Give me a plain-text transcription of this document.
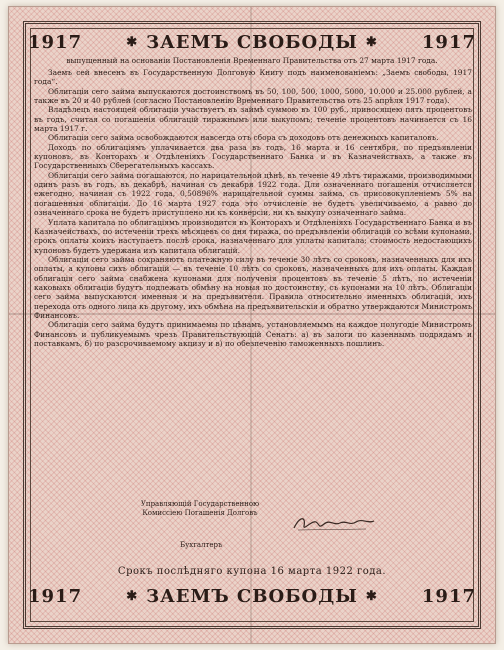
1917	✱ ЗАЕМЪ СВОБОДЫ ✱ 1917
выпущенный на основаніи Постановленія Временнаго Правительства отъ 27 марта 1917 года.

Заемъ сей внесенъ въ Государственную Долговую Книгу подъ наименованіемъ: „Заемъ свободы, 1917 года“.

Облигаціи сего займа выпускаются достоинствомъ въ 50, 100, 500, 1000, 5000, 10.000 и 25.000 рублей, а также въ 20 и 40 рублей (согласно Постановленію Временнаго Правительства отъ 25 апрѣля 1917 года).

Владѣлецъ настоящей облигаціи участвуетъ въ займѣ суммою въ 100 руб., приносящею пять процентовъ въ годъ, считая со погашенія облигацій тиражнымъ или выкупомъ; теченіе процентовъ начинается съ 16 марта 1917 г.

Облигаціи сего займа освобождаются навсегда отъ сбора съ доходовъ отъ денежныхъ капиталовъ.

Доходъ по облигаціямъ уплачивается два раза въ годъ, 16 марта и 16 сентября, по предъявленіи купоновъ, въ Конторахъ и Отдѣленіяхъ Государственнаго Банка и въ Казначействахъ, а также въ Государственныхъ Сберегательныхъ кассахъ.

Облигаціи сего займа погашаются, по нарицательной цѣнѣ, въ теченіе 49 лѣтъ тиражами, производимыми одинъ разъ въ годъ, въ декабрѣ, начиная съ декабря 1922 года. Для означеннаго погашенія отчисляется ежегодно, начиная съ 1922 года, 0,50896% нарицательной суммы займа, съ присовокупленіемъ 5% на погашенныя облигаціи. До 16 марта 1927 года это отчисленіе не будетъ увеличиваемо, а равно до означеннаго срока не будетъ приступлено ни къ конверсіи, ни къ выкупу означеннаго займа.

Уплата капитала по облигаціямъ производится въ Конторахъ и Отдѣленіяхъ Государственнаго Банка и въ Казначействахъ, по истеченіи трехъ мѣсяцевъ со дня тиража, по предъявленіи облигацій со всѣми купонами, срокъ оплаты коихъ наступаетъ послѣ срока, назначеннаго для уплаты капитала; стоимость недостающихъ купоновъ будетъ удержана изъ капитала облигацій.

Облигаціи сего займа сохраняютъ платежную силу въ теченіе 30 лѣтъ со сроковъ, назначенныхъ для ихъ оплаты, а купоны сихъ облигацій — въ теченіе 10 лѣтъ со сроковъ, назначенныхъ для ихъ оплаты. Каждая облигація сего займа снабжена купонами для полученія процентовъ въ теченіе 5 лѣтъ, по истеченіи каковыхъ облигаціи будутъ подлежать обмѣну на новыя по достоинству, съ купонами на 10 лѣтъ. Облигаціи сего займа выпускаются именныя и на предъявителя. Правила относительно именныхъ облигацій, ихъ перехода отъ одного лица къ другому, ихъ обмѣна на предъявительскія и обратно утверждаются Министромъ Финансовъ.

Облигаціи сего займа будутъ принимаемы по цѣнамъ, установляемымъ на каждое полугодіе Министромъ Финансовъ и публикуемымъ чрезъ Правительствующій Сенатъ: а) въ залоги по казеннымъ подрядамъ и поставкамъ, б) по разсрочиваемому акцизу и в) по обезпеченію таможенныхъ пошлинъ.

Управляющій Государственною
Комиссіею Погашенія Долговъ
Бухгалтеръ
Срокъ послѣдняго купона 16 марта 1922 года.
1917	✱ ЗАЕМЪ СВОБОДЫ ✱ 1917
